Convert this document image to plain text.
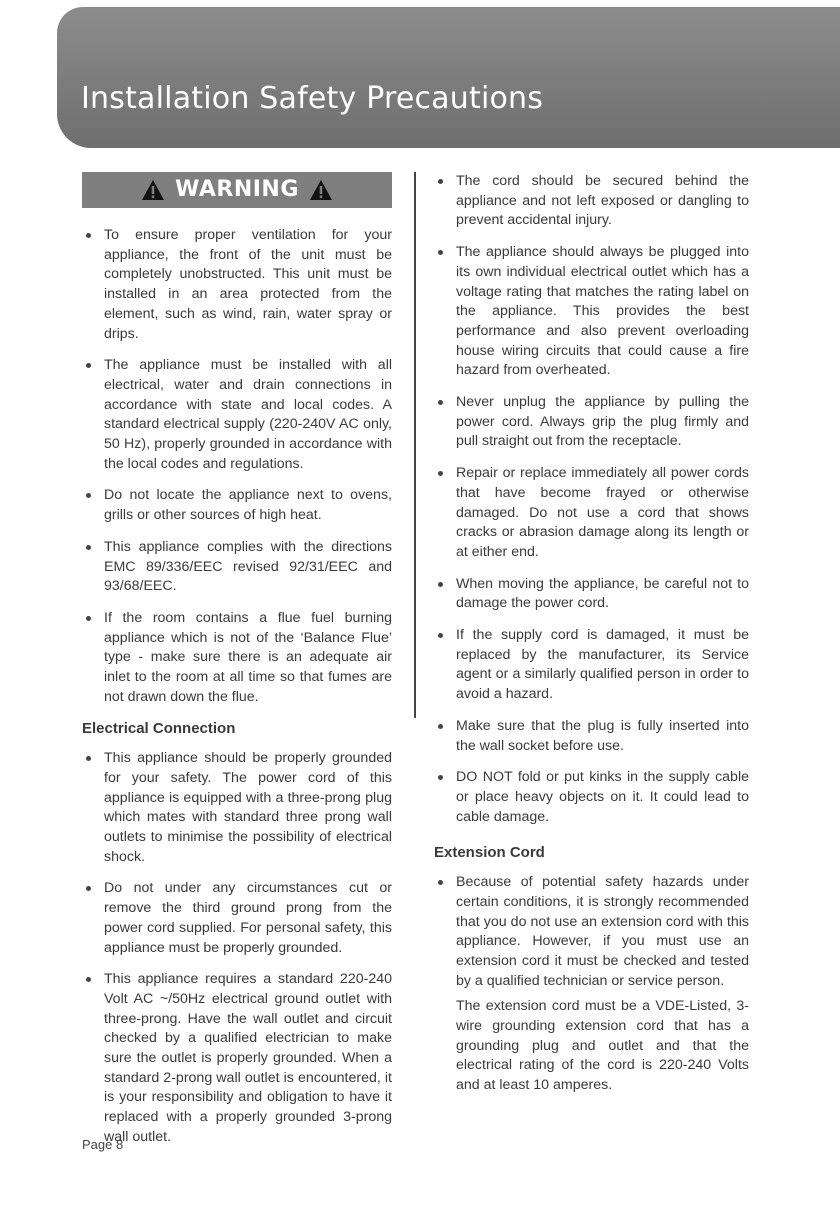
Installation Safety Precautions
WARNING
To ensure proper ventilation for your appliance, the front of the unit must be completely unobstructed. This unit must be installed in an area protected from the element, such as wind, rain, water spray or drips.
The appliance must be installed with all electrical, water and drain connections in accordance with state and local codes. A standard electrical supply (220-240V AC only, 50 Hz), properly grounded in accordance with the local codes and regulations.
Do not locate the appliance next to ovens, grills or other sources of high heat.
This appliance complies with the directions EMC 89/336/EEC revised 92/31/EEC and 93/68/EEC.
If the room contains a flue fuel burning appliance which is not of the ‘Balance Flue’ type - make sure there is an adequate air inlet to the room at all time so that fumes are not drawn down the flue.
Electrical Connection
This appliance should be properly grounded for your safety. The power cord of this appliance is equipped with a three-prong plug which mates with standard three prong wall outlets to minimise the possibility of electrical shock.
Do not under any circumstances cut or remove the third ground prong from the power cord supplied. For personal safety, this appliance must be properly grounded.
This appliance requires a standard 220-240 Volt AC ~/50Hz electrical ground outlet with three-prong. Have the wall outlet and circuit checked by a qualified electrician to make sure the outlet is properly grounded. When a standard 2-prong wall outlet is encountered, it is your responsibility and obligation to have it replaced with a properly grounded 3-prong wall outlet.
The cord should be secured behind the appliance and not left exposed or dangling to prevent accidental injury.
The appliance should always be plugged into its own individual electrical outlet which has a voltage rating that matches the rating label on the appliance. This provides the best performance and also prevent overloading house wiring circuits that could cause a fire hazard from overheated.
Never unplug the appliance by pulling the power cord. Always grip the plug firmly and pull straight out from the receptacle.
Repair or replace immediately all power cords that have become frayed or otherwise damaged. Do not use a cord that shows cracks or abrasion damage along its length or at either end.
When moving the appliance, be careful not to damage the power cord.
If the supply cord is damaged, it must be replaced by the manufacturer, its Service agent or a similarly qualified person in order to avoid a hazard.
Make sure that the plug is fully inserted into the wall socket before use.
DO NOT fold or put kinks in the supply cable or place heavy objects on it. It could lead to cable damage.
Extension Cord
Because of potential safety hazards under certain conditions, it is strongly recommended that you do not use an extension cord with this appliance. However, if you must use an extension cord it must be checked and tested by a qualified technician or service person.

The extension cord must be a VDE-Listed, 3-wire grounding extension cord that has a grounding plug and outlet and that the electrical rating of the cord is 220-240 Volts and at least 10 amperes.

Page 8
